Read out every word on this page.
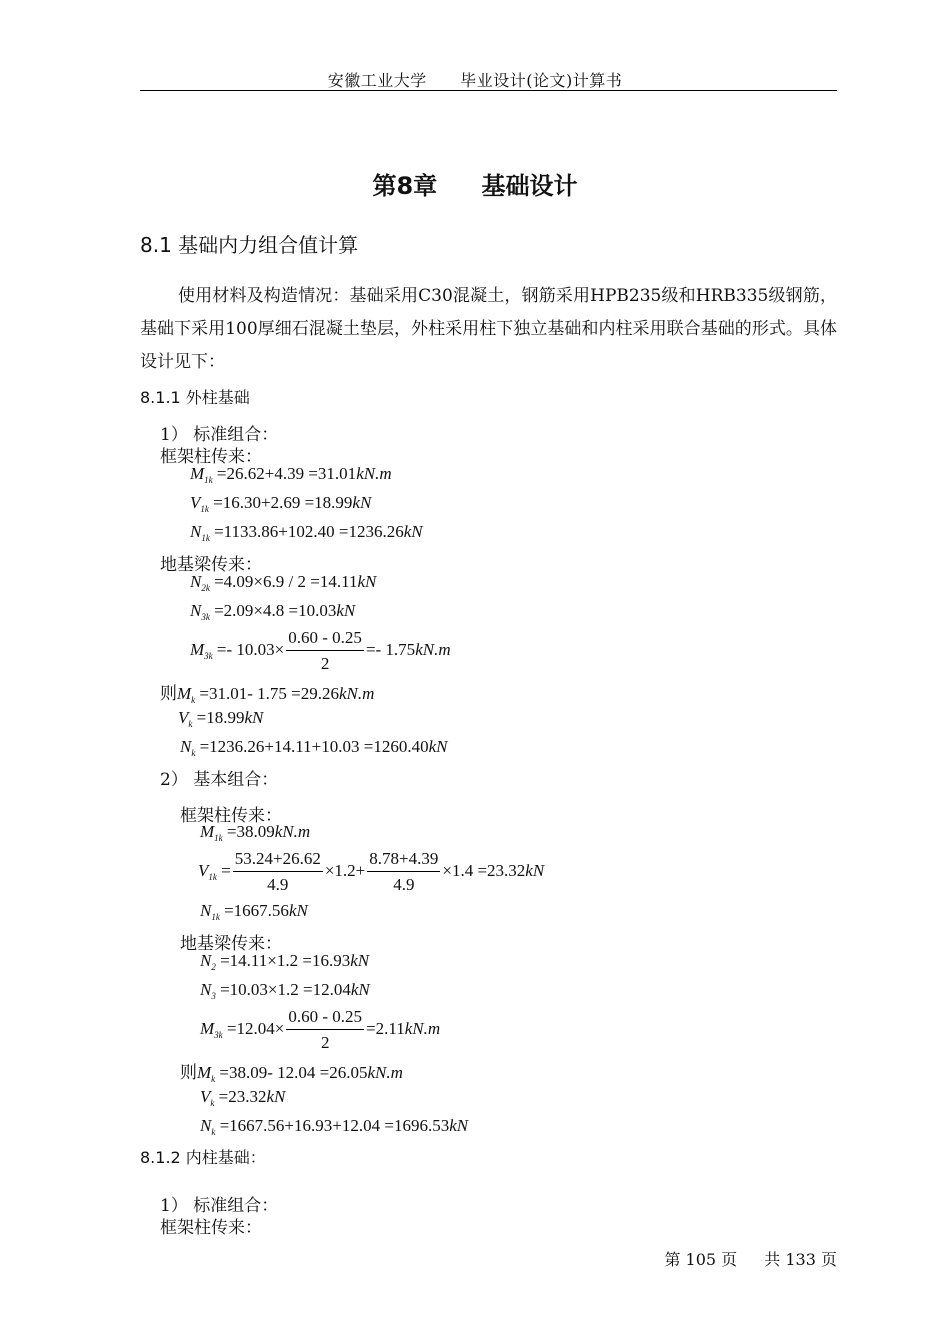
安徽工业大学 毕业设计(论文)计算书
第8章 基础设计
8.1 基础内力组合值计算
使用材料及构造情况：基础采用C30混凝土，钢筋采用HPB235级和HRB335级钢筋，基础下采用100厚细石混凝土垫层，外柱采用柱下独立基础和内柱采用联合基础的形式。具体设计见下：
8.1.1 外柱基础
1） 标准组合：
框架柱传来：
$M_{1k} =26.62+4.39 =31.01kN.m$
$V_{1k} =16.30+2.69 =18.99kN$
$N_{1k} =1133.86+102.40 =1236.26kN$
地基梁传来：
$N_{2k} =4.09\times 6.9 / 2 =14.11kN$
$N_{3k} =2.09\times 4.8 =10.03kN$
$M_{3k} =- 10.03\times \frac{0.60 - 0.25}{2} =- 1.75kN.m$
则$M_k =31.01-$ 1.75 =29.26kN.m
$V_k =18.99kN$
$N_k =1236.26+14.11+10.03 =1260.40kN$
2） 基本组合：
框架柱传来：
$M_{1k} =38.09kN.m$
$V_{1k} = \frac{53.24+26.62}{4.9} \times 1.2+ \frac{8.78+4.39}{4.9} \times 1.4 =23.32kN$
$N_{1k} =1667.56kN$
地基梁传来：
$N_2 =14.11\times 1.2 =16.93kN$
$N_3 =10.03\times 1.2 =12.04kN$
$M_{3k} =12.04\times \frac{0.60 - 0.25}{2} =2.11kN.m$
则$M_k =38.09-$ 12.04 =26.05kN.m
$V_k =23.32kN$
$N_k =1667.56+16.93+12.04 =1696.53kN$
8.1.2 内柱基础：
1） 标准组合：
框架柱传来：
第 105 页 共 133 页
